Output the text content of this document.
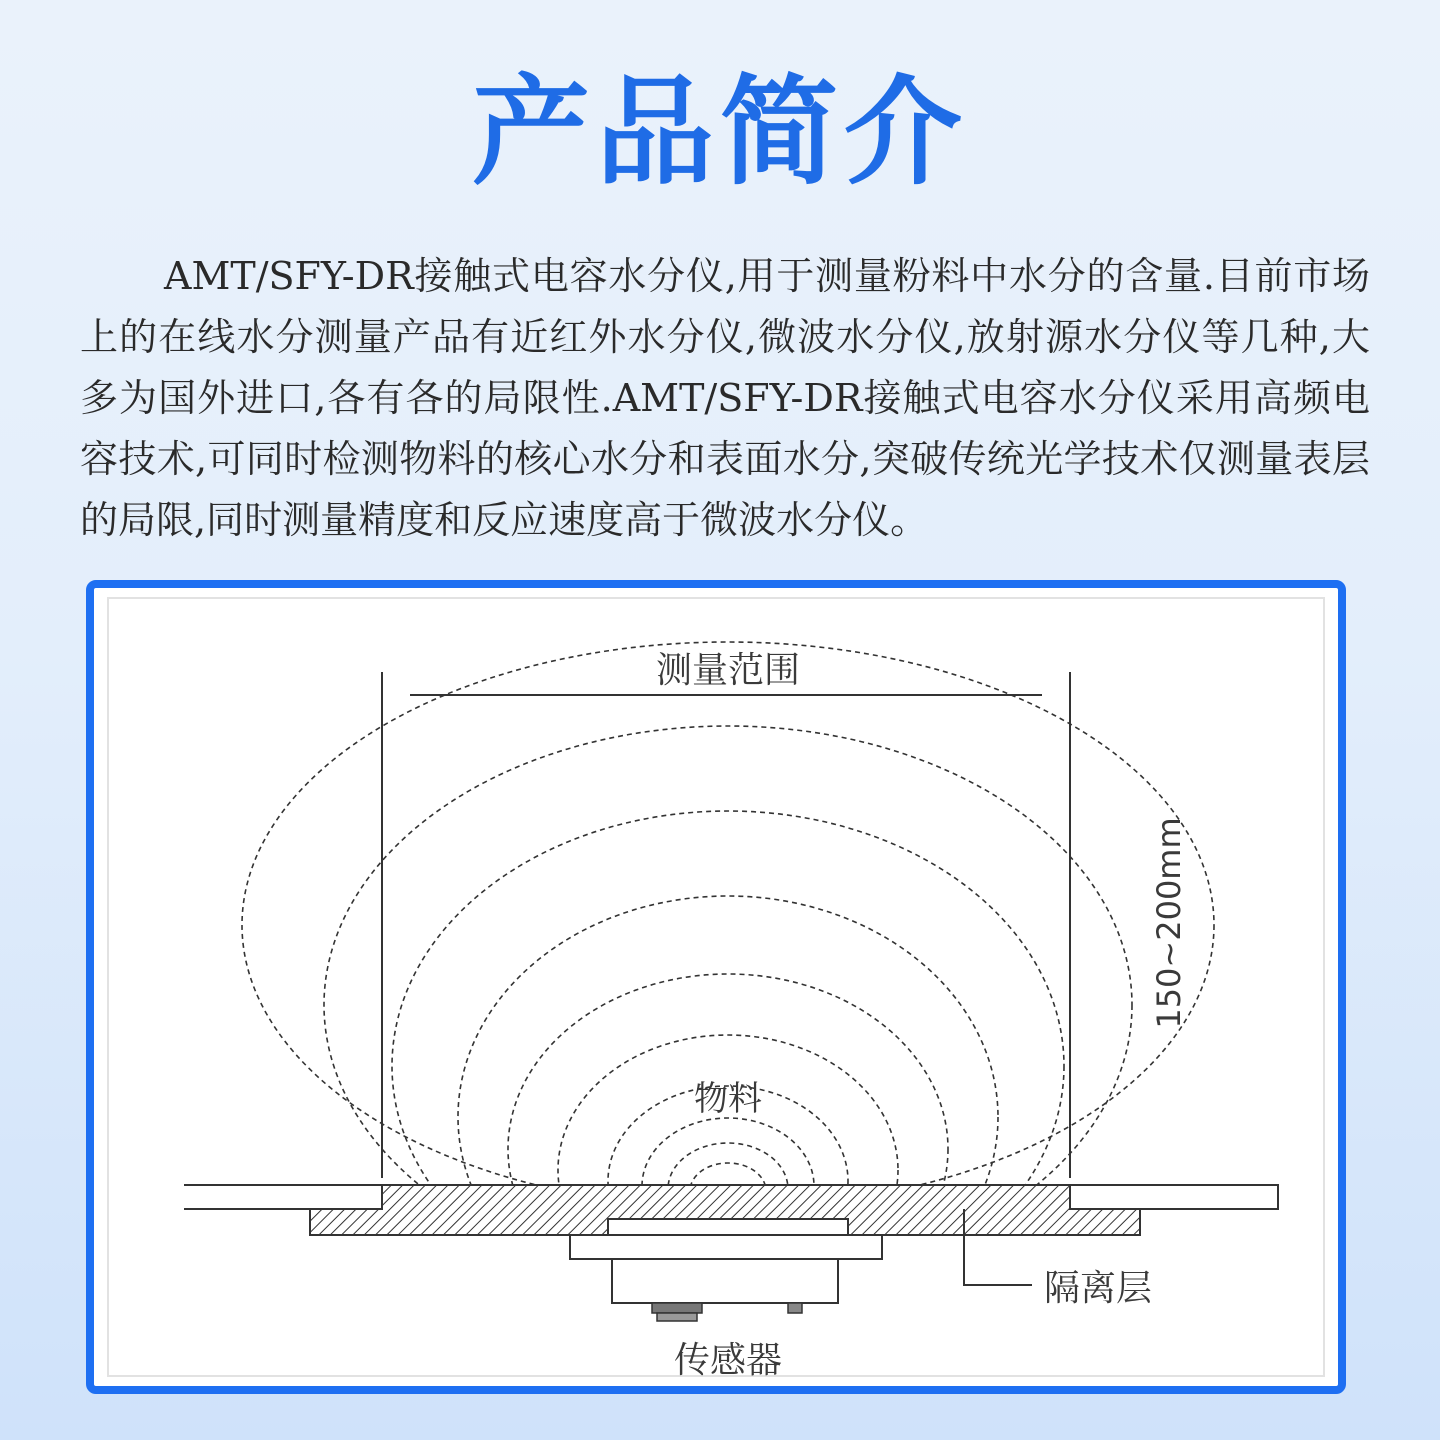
产品简介

AMT/SFY-DR接触式电容水分仪,用于测量粉料中水分的含量.目前市场上的在线水分测量产品有近红外水分仪,微波水分仪,放射源水分仪等几种,大多为国外进口,各有各的局限性.AMT/SFY-DR接触式电容水分仪采用高频电容技术,可同时检测物料的核心水分和表面水分,突破传统光学技术仅测量表层的局限,同时测量精度和反应速度高于微波水分仪。

测量范围
150~200mm
物料
隔离层
传感器
